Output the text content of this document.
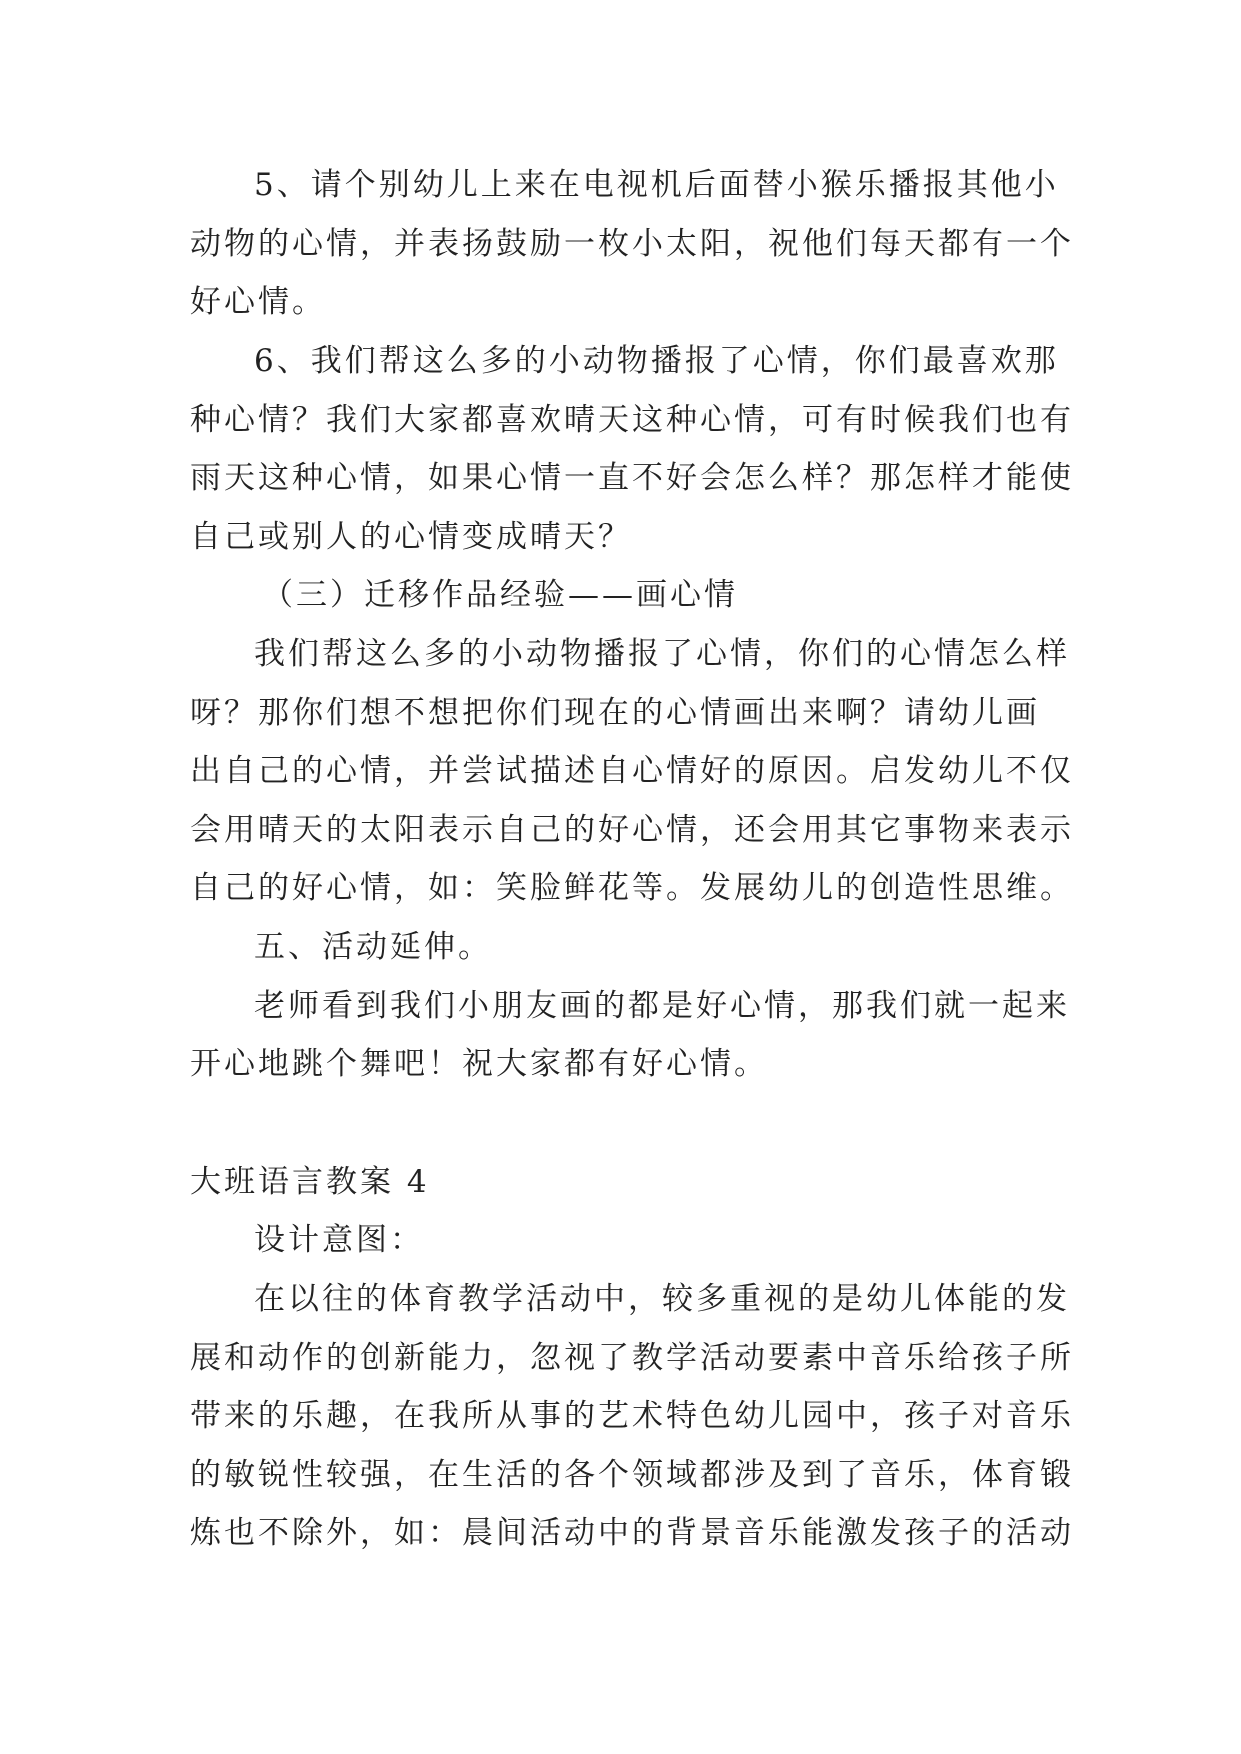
5、请个别幼儿上来在电视机后面替小猴乐播报其他小
动物的心情，并表扬鼓励一枚小太阳，祝他们每天都有一个
好心情。
6、我们帮这么多的小动物播报了心情，你们最喜欢那
种心情？我们大家都喜欢晴天这种心情，可有时候我们也有
雨天这种心情，如果心情一直不好会怎么样？那怎样才能使
自己或别人的心情变成晴天？
（三）迁移作品经验——画心情
我们帮这么多的小动物播报了心情，你们的心情怎么样
呀？那你们想不想把你们现在的心情画出来啊？请幼儿画
出自己的心情，并尝试描述自心情好的原因。启发幼儿不仅
会用晴天的太阳表示自己的好心情，还会用其它事物来表示
自己的好心情，如：笑脸鲜花等。发展幼儿的创造性思维。
五、活动延伸。
老师看到我们小朋友画的都是好心情，那我们就一起来
开心地跳个舞吧！祝大家都有好心情。
大班语言教案 4
设计意图：
在以往的体育教学活动中，较多重视的是幼儿体能的发
展和动作的创新能力，忽视了教学活动要素中音乐给孩子所
带来的乐趣，在我所从事的艺术特色幼儿园中，孩子对音乐
的敏锐性较强，在生活的各个领域都涉及到了音乐，体育锻
炼也不除外，如：晨间活动中的背景音乐能激发孩子的活动
